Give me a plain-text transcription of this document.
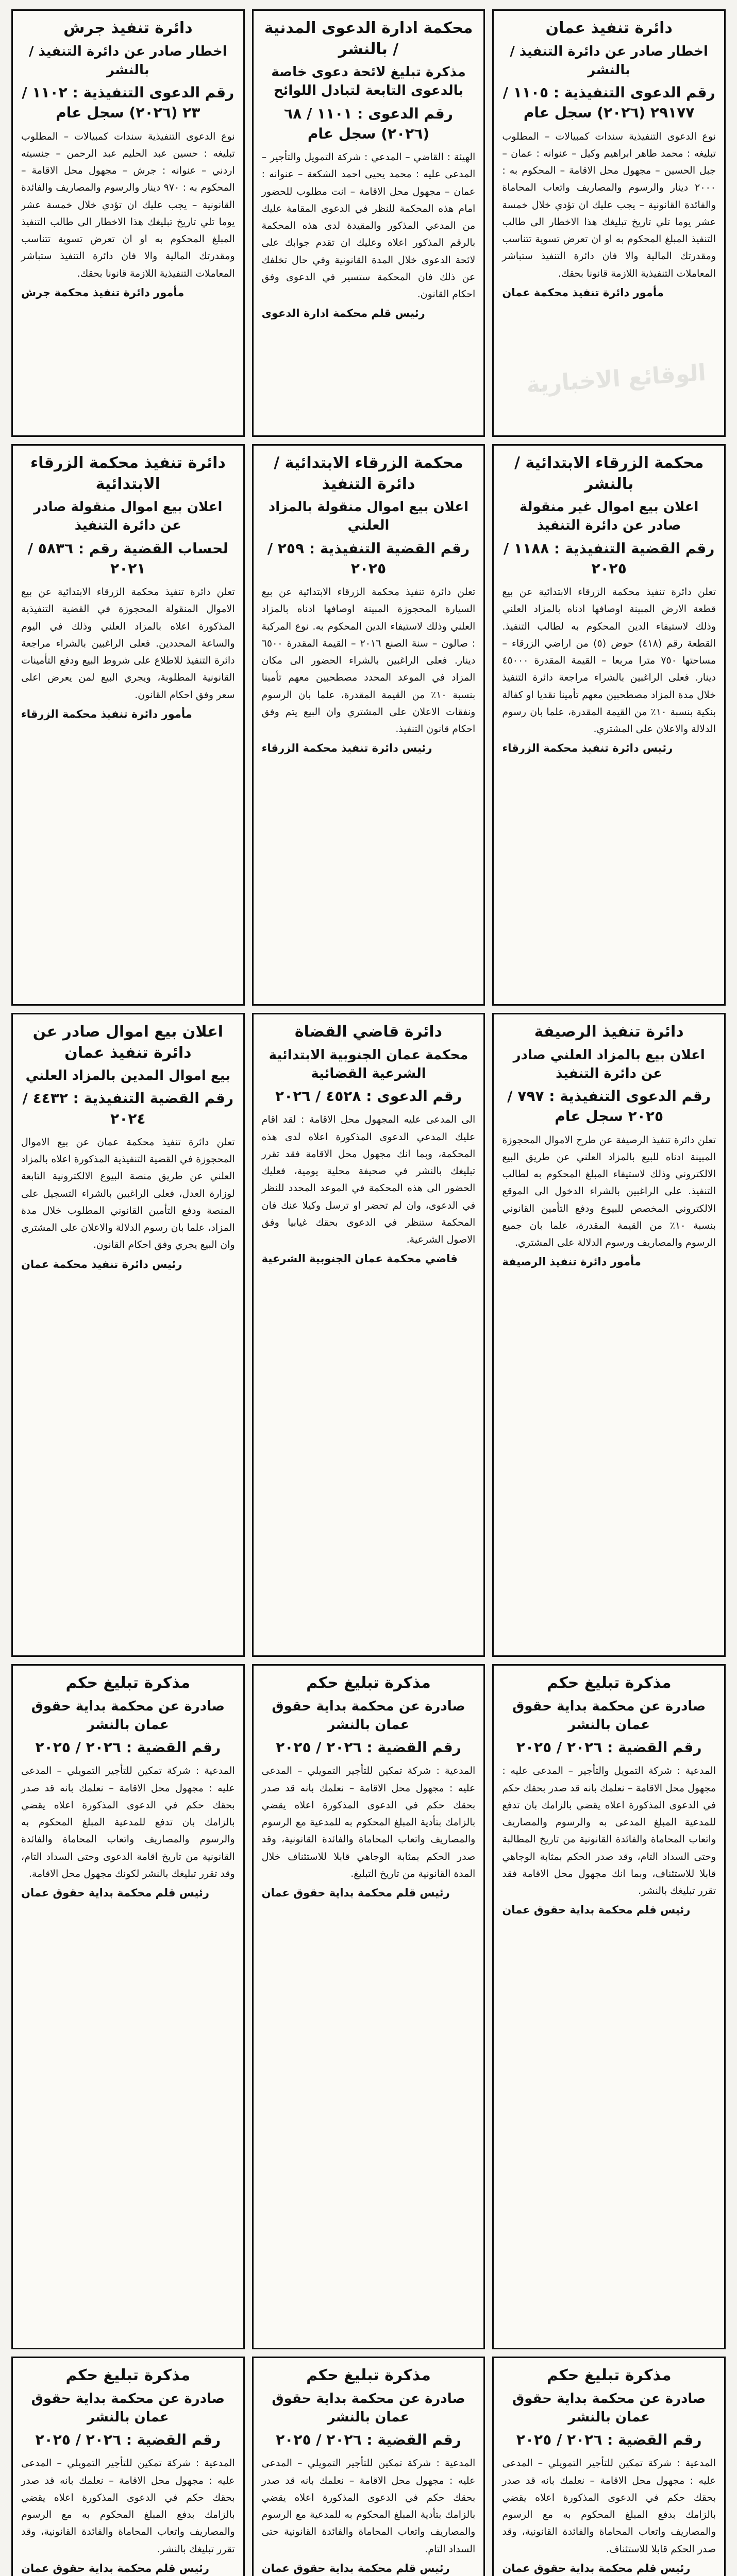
دائرة تنفيذ عمان
اخطار صادر عن دائرة التنفيذ / بالنشر
رقم الدعوى التنفيذية : ١١٠٥ / ٢٩١٧٧ (٢٠٢٦) سجل عام
نوع الدعوى التنفيذية سندات كمبيالات – المطلوب تبليغه : محمد طاهر ابراهيم وكيل – عنوانه : عمان – جبل الحسين – مجهول محل الاقامة – المحكوم به : ٢٠٠٠ دينار والرسوم والمصاريف واتعاب المحاماة والفائدة القانونية – يجب عليك ان تؤدي خلال خمسة عشر يوما تلي تاريخ تبليغك هذا الاخطار الى طالب التنفيذ المبلغ المحكوم به او ان تعرض تسوية تتناسب ومقدرتك المالية والا فان دائرة التنفيذ ستباشر المعاملات التنفيذية اللازمة قانونا بحقك.
مأمور دائرة تنفيذ محكمة عمان
محكمة ادارة الدعوى المدنية / بالنشر
مذكرة تبليغ لائحة دعوى خاصة بالدعوى التابعة لتبادل اللوائح
رقم الدعوى : ١١٠١ / ٦٨ (٢٠٢٦) سجل عام
الهيئة : القاضي – المدعي : شركة التمويل والتأجير – المدعى عليه : محمد يحيى احمد الشكعة – عنوانه : عمان – مجهول محل الاقامة – انت مطلوب للحضور امام هذه المحكمة للنظر في الدعوى المقامة عليك من المدعي المذكور والمقيدة لدى هذه المحكمة بالرقم المذكور اعلاه وعليك ان تقدم جوابك على لائحة الدعوى خلال المدة القانونية وفي حال تخلفك عن ذلك فان المحكمة ستسير في الدعوى وفق احكام القانون.
رئيس قلم محكمة ادارة الدعوى
دائرة تنفيذ جرش
اخطار صادر عن دائرة التنفيذ / بالنشر
رقم الدعوى التنفيذية : ١١٠٢ / ٢٣ (٢٠٢٦) سجل عام
نوع الدعوى التنفيذية سندات كمبيالات – المطلوب تبليغه : حسين عبد الحليم عبد الرحمن – جنسيته اردني – عنوانه : جرش – مجهول محل الاقامة – المحكوم به : ٩٧٠ دينار والرسوم والمصاريف والفائدة القانونية – يجب عليك ان تؤدي خلال خمسة عشر يوما تلي تاريخ تبليغك هذا الاخطار الى طالب التنفيذ المبلغ المحكوم به او ان تعرض تسوية تتناسب ومقدرتك المالية والا فان دائرة التنفيذ ستباشر المعاملات التنفيذية اللازمة قانونا بحقك.
مأمور دائرة تنفيذ محكمة جرش
محكمة الزرقاء الابتدائية / بالنشر
اعلان بيع اموال غير منقولة صادر عن دائرة التنفيذ
رقم القضية التنفيذية : ١١٨٨ / ٢٠٢٥
تعلن دائرة تنفيذ محكمة الزرقاء الابتدائية عن بيع قطعة الارض المبينة اوصافها ادناه بالمزاد العلني وذلك لاستيفاء الدين المحكوم به لطالب التنفيذ. القطعة رقم (٤١٨) حوض (٥) من اراضي الزرقاء – مساحتها ٧٥٠ مترا مربعا – القيمة المقدرة ٤٥٠٠٠ دينار. فعلى الراغبين بالشراء مراجعة دائرة التنفيذ خلال مدة المزاد مصطحبين معهم تأمينا نقديا او كفالة بنكية بنسبة ١٠٪ من القيمة المقدرة، علما بان رسوم الدلالة والاعلان على المشتري.
رئيس دائرة تنفيذ محكمة الزرقاء
محكمة الزرقاء الابتدائية / دائرة التنفيذ
اعلان بيع اموال منقولة بالمزاد العلني
رقم القضية التنفيذية : ٢٥٩ / ٢٠٢٥
تعلن دائرة تنفيذ محكمة الزرقاء الابتدائية عن بيع السيارة المحجوزة المبينة اوصافها ادناه بالمزاد العلني وذلك لاستيفاء الدين المحكوم به. نوع المركبة : صالون – سنة الصنع ٢٠١٦ – القيمة المقدرة ٦٥٠٠ دينار. فعلى الراغبين بالشراء الحضور الى مكان المزاد في الموعد المحدد مصطحبين معهم تأمينا بنسبة ١٠٪ من القيمة المقدرة، علما بان الرسوم ونفقات الاعلان على المشتري وان البيع يتم وفق احكام قانون التنفيذ.
رئيس دائرة تنفيذ محكمة الزرقاء
دائرة تنفيذ محكمة الزرقاء الابتدائية
اعلان بيع اموال منقولة صادر عن دائرة التنفيذ
لحساب القضية رقم : ٥٨٣٦ / ٢٠٢١
تعلن دائرة تنفيذ محكمة الزرقاء الابتدائية عن بيع الاموال المنقولة المحجوزة في القضية التنفيذية المذكورة اعلاه بالمزاد العلني وذلك في اليوم والساعة المحددين. فعلى الراغبين بالشراء مراجعة دائرة التنفيذ للاطلاع على شروط البيع ودفع التأمينات القانونية المطلوبة، ويجري البيع لمن يعرض اعلى سعر وفق احكام القانون.
مأمور دائرة تنفيذ محكمة الزرقاء
دائرة تنفيذ الرصيفة
اعلان بيع بالمزاد العلني صادر عن دائرة التنفيذ
رقم الدعوى التنفيذية : ٧٩٧ / ٢٠٢٥ سجل عام
تعلن دائرة تنفيذ الرصيفة عن طرح الاموال المحجوزة المبينة ادناه للبيع بالمزاد العلني عن طريق البيع الالكتروني وذلك لاستيفاء المبلغ المحكوم به لطالب التنفيذ. على الراغبين بالشراء الدخول الى الموقع الالكتروني المخصص للبيوع ودفع التأمين القانوني بنسبة ١٠٪ من القيمة المقدرة، علما بان جميع الرسوم والمصاريف ورسوم الدلالة على المشتري.
مأمور دائرة تنفيذ الرصيفة
دائرة قاضي القضاة
محكمة عمان الجنوبية الابتدائية الشرعية القضائية
رقم الدعوى : ٤٥٢٨ / ٢٠٢٦
الى المدعى عليه المجهول محل الاقامة : لقد اقام عليك المدعي الدعوى المذكورة اعلاه لدى هذه المحكمة، وبما انك مجهول محل الاقامة فقد تقرر تبليغك بالنشر في صحيفة محلية يومية، فعليك الحضور الى هذه المحكمة في الموعد المحدد للنظر في الدعوى، وان لم تحضر او ترسل وكيلا عنك فان المحكمة ستنظر في الدعوى بحقك غيابيا وفق الاصول الشرعية.
قاضي محكمة عمان الجنوبية الشرعية
اعلان بيع اموال صادر عن دائرة تنفيذ عمان
بيع اموال المدين بالمزاد العلني
رقم القضية التنفيذية : ٤٤٣٢ / ٢٠٢٤
تعلن دائرة تنفيذ محكمة عمان عن بيع الاموال المحجوزة في القضية التنفيذية المذكورة اعلاه بالمزاد العلني عن طريق منصة البيوع الالكترونية التابعة لوزارة العدل، فعلى الراغبين بالشراء التسجيل على المنصة ودفع التأمين القانوني المطلوب خلال مدة المزاد، علما بان رسوم الدلالة والاعلان على المشتري وان البيع يجري وفق احكام القانون.
رئيس دائرة تنفيذ محكمة عمان
مذكرة تبليغ حكم
صادرة عن محكمة بداية حقوق عمان بالنشر
رقم القضية : ٢٠٢٦ / ٢٠٢٥
المدعية : شركة التمويل والتأجير – المدعى عليه : مجهول محل الاقامة – نعلمك بانه قد صدر بحقك حكم في الدعوى المذكورة اعلاه يقضي بالزامك بان تدفع للمدعية المبلغ المدعى به والرسوم والمصاريف واتعاب المحاماة والفائدة القانونية من تاريخ المطالبة وحتى السداد التام، وقد صدر الحكم بمثابة الوجاهي قابلا للاستئناف، وبما انك مجهول محل الاقامة فقد تقرر تبليغك بالنشر.
رئيس قلم محكمة بداية حقوق عمان
مذكرة تبليغ حكم
صادرة عن محكمة بداية حقوق عمان بالنشر
رقم القضية : ٢٠٢٦ / ٢٠٢٥
المدعية : شركة تمكين للتأجير التمويلي – المدعى عليه : مجهول محل الاقامة – نعلمك بانه قد صدر بحقك حكم في الدعوى المذكورة اعلاه يقضي بالزامك بتأدية المبلغ المحكوم به للمدعية مع الرسوم والمصاريف واتعاب المحاماة والفائدة القانونية، وقد صدر الحكم بمثابة الوجاهي قابلا للاستئناف خلال المدة القانونية من تاريخ التبليغ.
رئيس قلم محكمة بداية حقوق عمان
مذكرة تبليغ حكم
صادرة عن محكمة بداية حقوق عمان بالنشر
رقم القضية : ٢٠٢٦ / ٢٠٢٥
المدعية : شركة تمكين للتأجير التمويلي – المدعى عليه : مجهول محل الاقامة – نعلمك بانه قد صدر بحقك حكم في الدعوى المذكورة اعلاه يقضي بالزامك بان تدفع للمدعية المبلغ المحكوم به والرسوم والمصاريف واتعاب المحاماة والفائدة القانونية من تاريخ اقامة الدعوى وحتى السداد التام، وقد تقرر تبليغك بالنشر لكونك مجهول محل الاقامة.
رئيس قلم محكمة بداية حقوق عمان
مذكرة تبليغ حكم
صادرة عن محكمة بداية حقوق عمان بالنشر
رقم القضية : ٢٠٢٦ / ٢٠٢٥
المدعية : شركة تمكين للتأجير التمويلي – المدعى عليه : مجهول محل الاقامة – نعلمك بانه قد صدر بحقك حكم في الدعوى المذكورة اعلاه يقضي بالزامك بدفع المبلغ المحكوم به مع الرسوم والمصاريف واتعاب المحاماة والفائدة القانونية، وقد صدر الحكم قابلا للاستئناف.
رئيس قلم محكمة بداية حقوق عمان
مذكرة تبليغ حكم
صادرة عن محكمة بداية حقوق عمان بالنشر
رقم القضية : ٢٠٢٦ / ٢٠٢٥
المدعية : شركة تمكين للتأجير التمويلي – المدعى عليه : مجهول محل الاقامة – نعلمك بانه قد صدر بحقك حكم في الدعوى المذكورة اعلاه يقضي بالزامك بتأدية المبلغ المحكوم به للمدعية مع الرسوم والمصاريف واتعاب المحاماة والفائدة القانونية حتى السداد التام.
رئيس قلم محكمة بداية حقوق عمان
مذكرة تبليغ حكم
صادرة عن محكمة بداية حقوق عمان بالنشر
رقم القضية : ٢٠٢٦ / ٢٠٢٥
المدعية : شركة تمكين للتأجير التمويلي – المدعى عليه : مجهول محل الاقامة – نعلمك بانه قد صدر بحقك حكم في الدعوى المذكورة اعلاه يقضي بالزامك بدفع المبلغ المحكوم به مع الرسوم والمصاريف واتعاب المحاماة والفائدة القانونية، وقد تقرر تبليغك بالنشر.
رئيس قلم محكمة بداية حقوق عمان
